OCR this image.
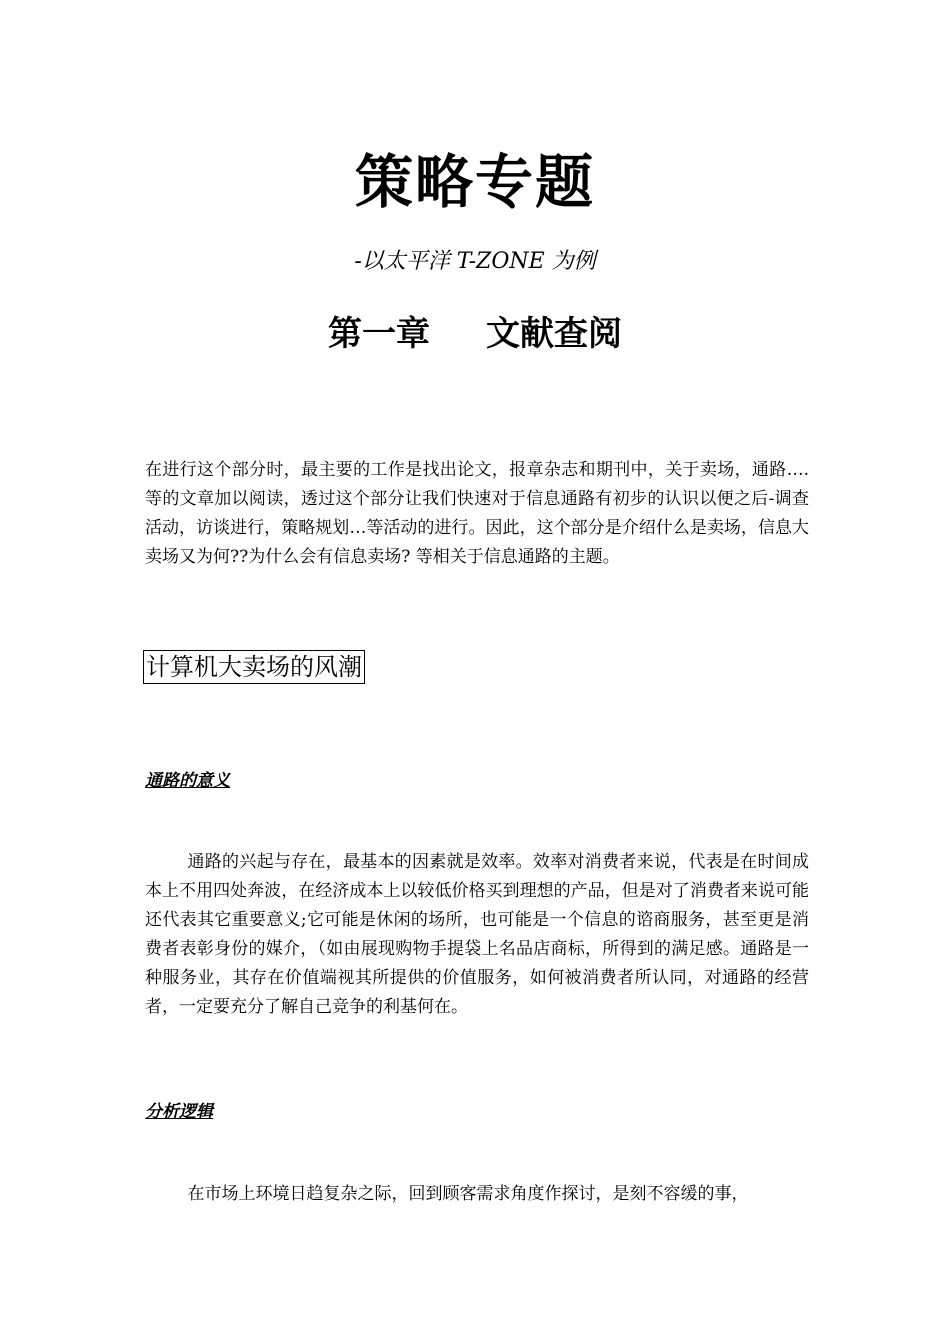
策略专题
-以太平洋 T-ZONE 为例
第一章 文献查阅

在进行这个部分时，最主要的工作是找出论文，报章杂志和期刊中，关于卖场，通路….等的文章加以阅读，透过这个部分让我们快速对于信息通路有初步的认识以便之后-调查活动，访谈进行，策略规划…等活动的进行。因此，这个部分是介绍什么是卖场，信息大卖场又为何??为什么会有信息卖场? 等相关于信息通路的主题。

计算机大卖场的风潮
通路的意义

通路的兴起与存在，最基本的因素就是效率。效率对消费者来说，代表是在时间成本上不用四处奔波，在经济成本上以较低价格买到理想的产品，但是对了消费者来说可能还代表其它重要意义;它可能是休闲的场所，也可能是一个信息的谘商服务，甚至更是消费者表彰身份的媒介，（如由展现购物手提袋上名品店商标，所得到的满足感。通路是一种服务业，其存在价值端视其所提供的价值服务，如何被消费者所认同，对通路的经营者，一定要充分了解自己竞争的利基何在。

分析逻辑

在市场上环境日趋复杂之际，回到顾客需求角度作探讨，是刻不容缓的事，
